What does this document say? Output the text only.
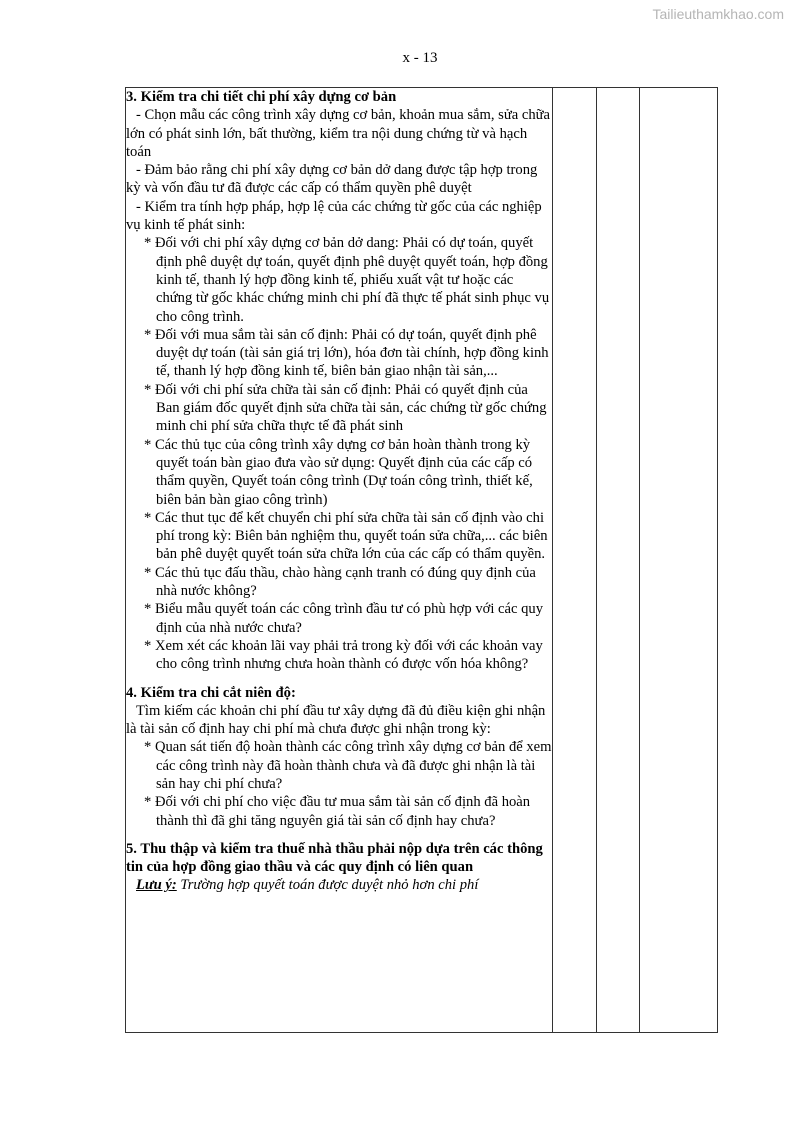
Tailieuthamkhao.com
x - 13

3. Kiểm tra chi tiết chi phí xây dựng cơ bản

- Chọn mẫu các công trình xây dựng cơ bản, khoản mua sắm, sửa chữa lớn có phát sinh lớn, bất thường, kiểm tra nội dung chứng từ và hạch toán

- Đảm bảo rằng chi phí xây dựng cơ bản dở dang được tập hợp trong kỳ và vốn đầu tư đã được các cấp có thẩm quyền phê duyệt

- Kiểm tra tính hợp pháp, hợp lệ của các chứng từ gốc của các nghiệp vụ kinh tế phát sinh:

* Đối với chi phí xây dựng cơ bản dở dang: Phải có dự toán, quyết định phê duyệt dự toán, quyết định phê duyệt quyết toán, hợp đồng kinh tế, thanh lý hợp đồng kinh tế, phiếu xuất vật tư hoặc các chứng từ gốc khác chứng minh chi phí đã thực tế phát sinh phục vụ cho công trình.

* Đối với mua sắm tài sản cố định: Phải có dự toán, quyết định phê duyệt dự toán (tài sản giá trị lớn), hóa đơn tài chính, hợp đồng kinh tế, thanh lý hợp đồng kinh tế, biên bản giao nhận tài sản,...

* Đối với chi phí sửa chữa tài sản cố định: Phải có quyết định của Ban giám đốc quyết định sửa chữa tài sản, các chứng từ gốc chứng minh chi phí sửa chữa thực tế đã phát sinh

* Các thủ tục của công trình xây dựng cơ bản hoàn thành trong kỳ quyết toán bàn giao đưa vào sử dụng: Quyết định của các cấp có thẩm quyền, Quyết toán công trình (Dự toán công trình, thiết kế, biên bản bàn giao công trình)

* Các thut tục để kết chuyển chi phí sửa chữa tài sản cố định vào chi phí trong kỳ: Biên bản nghiệm thu, quyết toán sửa chữa,... các biên bản phê duyệt quyết toán sửa chữa lớn của các cấp có thẩm quyền.

* Các thủ tục đấu thầu, chào hàng cạnh tranh có đúng quy định của nhà nước không?

* Biểu mẫu quyết toán các công trình đầu tư có phù hợp với các quy định của nhà nước chưa?

* Xem xét các khoản lãi vay phải trả trong kỳ đối với các khoản vay cho công trình nhưng chưa hoàn thành có được vốn hóa không?

4. Kiểm tra chi cắt niên độ:

Tìm kiếm các khoản chi phí đầu tư xây dựng đã đủ điều kiện ghi nhận là tài sản cố định hay chi phí mà chưa được ghi nhận trong kỳ:

* Quan sát tiến độ hoàn thành các công trình xây dựng cơ bản để xem các công trình này đã hoàn thành chưa và đã được ghi nhận là tài sản hay chi phí chưa?

* Đối với chi phí cho việc đầu tư mua sắm tài sản cố định đã hoàn thành thì đã ghi tăng nguyên giá tài sản cố định hay chưa?

5. Thu thập và kiểm tra thuế nhà thầu phải nộp dựa trên các thông tin của hợp đồng giao thầu và các quy định có liên quan

Lưu ý: Trường hợp quyết toán được duyệt nhỏ hơn chi phí
